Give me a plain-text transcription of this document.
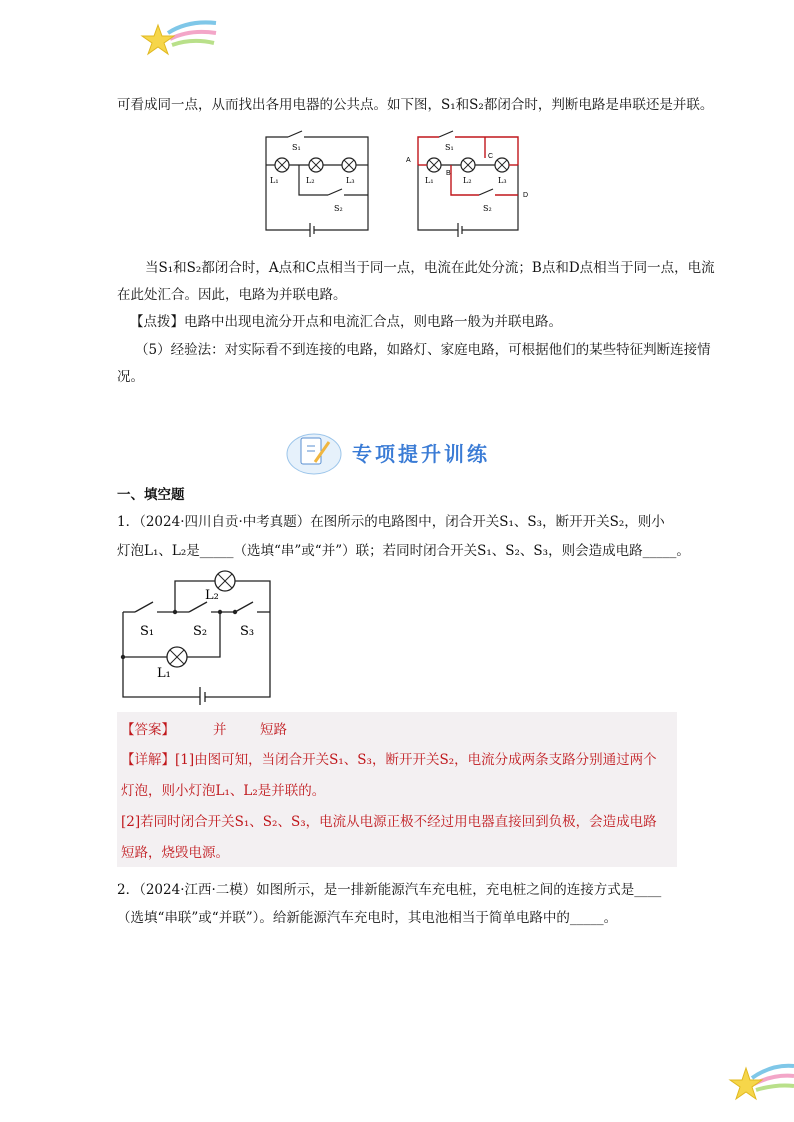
可看成同一点，从而找出各用电器的公共点。如下图，S₁和S₂都闭合时，判断电路是串联还是并联。
S₁
L₁	L₂	L₃
S₂
S₁
L₁	L₂	L₃
S₂
A
B
C
D
当S₁和S₂都闭合时，A点和C点相当于同一点，电流在此处分流；B点和D点相当于同一点，电流
在此处汇合。因此，电路为并联电路。
【点拨】电路中出现电流分开点和电流汇合点，则电路一般为并联电路。
（5）经验法：对实际看不到连接的电路，如路灯、家庭电路，可根据他们的某些特征判断连接情
况。
专项提升训练
一、填空题
1．（2024·四川自贡·中考真题）在图所示的电路图中，闭合开关S₁、S₃，断开开关S₂，则小
灯泡L₁、L₂是_____（选填“串”或“并”）联；若同时闭合开关S₁、S₂、S₃，则会造成电路_____。
L₂
S₁	S₂	S₃
L₁
【答案】	并 短路
【详解】[1]由图可知，当闭合开关S₁、S₃，断开开关S₂，电流分成两条支路分别通过两个
灯泡，则小灯泡L₁、L₂是并联的。
[2]若同时闭合开关S₁、S₂、S₃，电流从电源正极不经过用电器直接回到负极，会造成电路
短路，烧毁电源。
2．（2024·江西·二模）如图所示，是一排新能源汽车充电桩，充电桩之间的连接方式是____
（选填“串联”或“并联”）。给新能源汽车充电时，其电池相当于简单电路中的_____。
